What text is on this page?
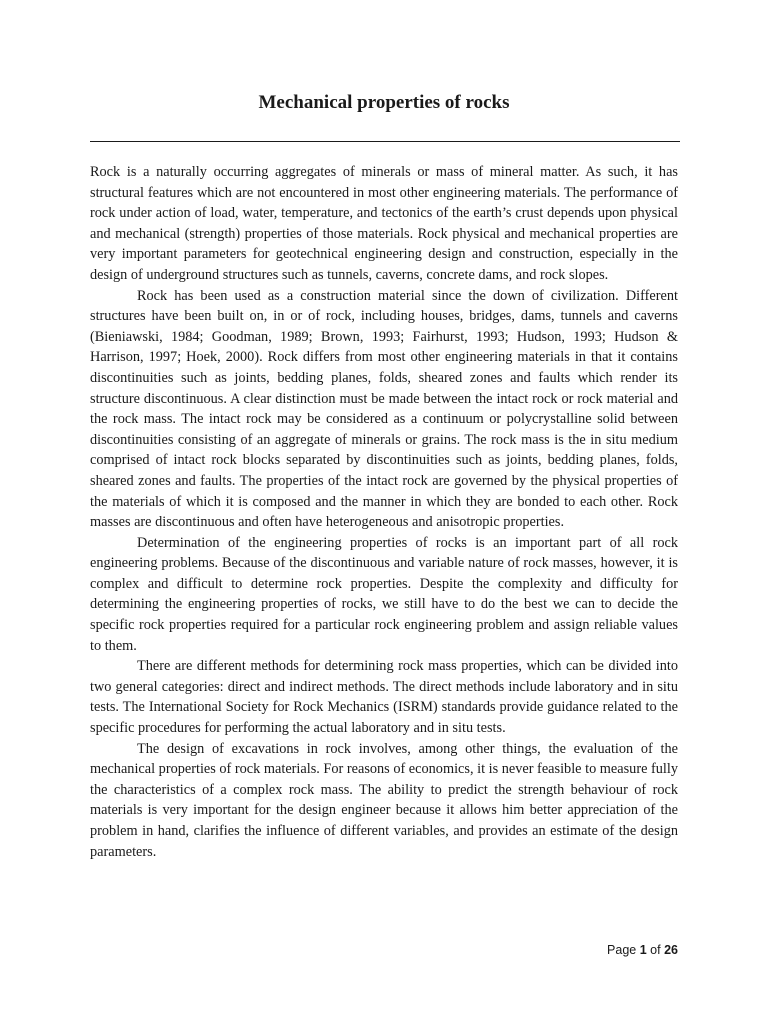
Mechanical properties of rocks

Rock is a naturally occurring aggregates of minerals or mass of mineral matter. As such, it has structural features which are not encountered in most other engineering materials. The performance of rock under action of load, water, temperature, and tectonics of the earth’s crust depends upon physical and mechanical (strength) properties of those materials. Rock physical and mechanical properties are very important parameters for geotechnical engineering design and construction, especially in the design of underground structures such as tunnels, caverns, concrete dams, and rock slopes.

Rock has been used as a construction material since the down of civilization. Different structures have been built on, in or of rock, including houses, bridges, dams, tunnels and caverns (Bieniawski, 1984; Goodman, 1989; Brown, 1993; Fairhurst, 1993; Hudson, 1993; Hudson & Harrison, 1997; Hoek, 2000). Rock differs from most other engineering materials in that it contains discontinuities such as joints, bedding planes, folds, sheared zones and faults which render its structure discontinuous. A clear distinction must be made between the intact rock or rock material and the rock mass. The intact rock may be considered as a continuum or polycrystalline solid between discontinuities consisting of an aggregate of minerals or grains. The rock mass is the in situ medium comprised of intact rock blocks separated by discontinuities such as joints, bedding planes, folds, sheared zones and faults. The properties of the intact rock are governed by the physical properties of the materials of which it is composed and the manner in which they are bonded to each other. Rock masses are discontinuous and often have heterogeneous and anisotropic properties.

Determination of the engineering properties of rocks is an important part of all rock engineering problems. Because of the discontinuous and variable nature of rock masses, however, it is complex and difficult to determine rock properties. Despite the complexity and difficulty for determining the engineering properties of rocks, we still have to do the best we can to decide the specific rock properties required for a particular rock engineering problem and assign reliable values to them.

There are different methods for determining rock mass properties, which can be divided into two general categories: direct and indirect methods. The direct methods include laboratory and in situ tests. The International Society for Rock Mechanics (ISRM) standards provide guidance related to the specific procedures for performing the actual laboratory and in situ tests.

The design of excavations in rock involves, among other things, the evaluation of the mechanical properties of rock materials. For reasons of economics, it is never feasible to measure fully the characteristics of a complex rock mass. The ability to predict the strength behaviour of rock materials is very important for the design engineer because it allows him better appreciation of the problem in hand, clarifies the influence of different variables, and provides an estimate of the design parameters.

Page 1 of 26
